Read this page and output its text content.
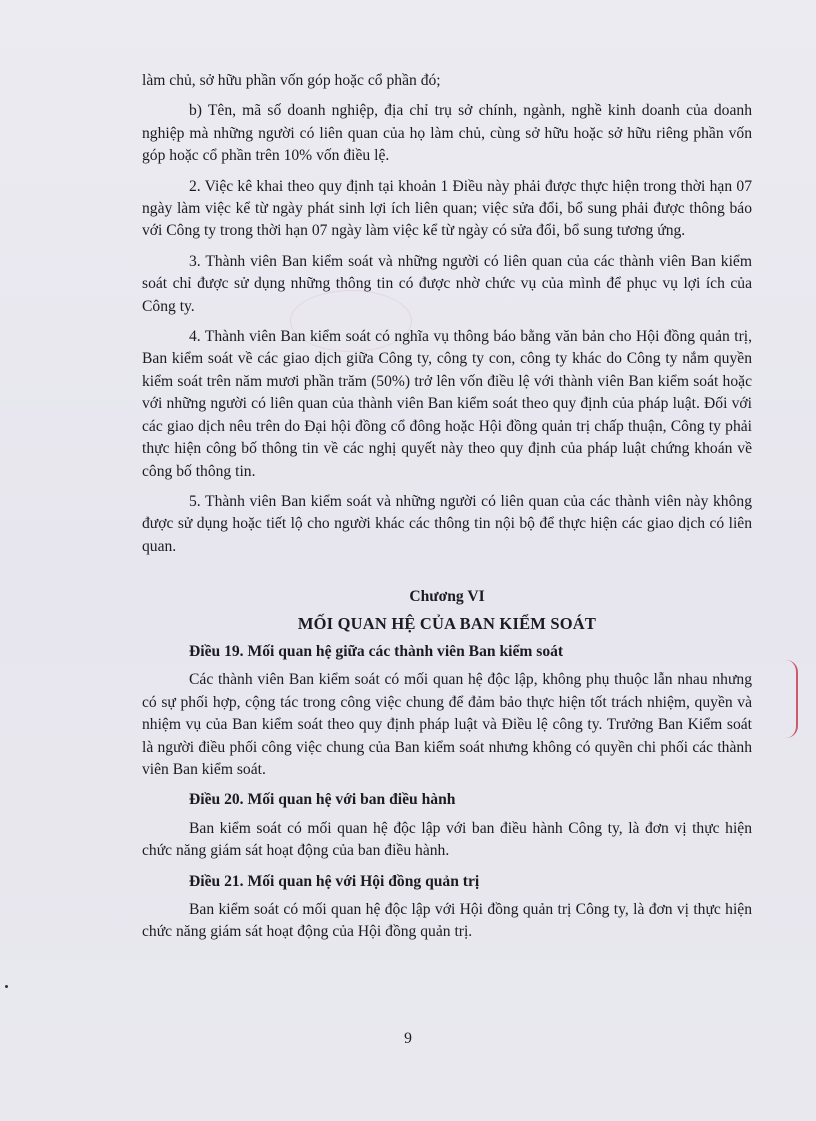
làm chủ, sở hữu phần vốn góp hoặc cổ phần đó;

b) Tên, mã số doanh nghiệp, địa chỉ trụ sở chính, ngành, nghề kinh doanh của doanh nghiệp mà những người có liên quan của họ làm chủ, cùng sở hữu hoặc sở hữu riêng phần vốn góp hoặc cổ phần trên 10% vốn điều lệ.

2. Việc kê khai theo quy định tại khoản 1 Điều này phải được thực hiện trong thời hạn 07 ngày làm việc kể từ ngày phát sinh lợi ích liên quan; việc sửa đổi, bổ sung phải được thông báo với Công ty trong thời hạn 07 ngày làm việc kể từ ngày có sửa đổi, bổ sung tương ứng.

3. Thành viên Ban kiểm soát và những người có liên quan của các thành viên Ban kiểm soát chỉ được sử dụng những thông tin có được nhờ chức vụ của mình để phục vụ lợi ích của Công ty.

4. Thành viên Ban kiểm soát có nghĩa vụ thông báo bằng văn bản cho Hội đồng quản trị, Ban kiểm soát về các giao dịch giữa Công ty, công ty con, công ty khác do Công ty nắm quyền kiểm soát trên năm mươi phần trăm (50%) trở lên vốn điều lệ với thành viên Ban kiểm soát hoặc với những người có liên quan của thành viên Ban kiểm soát theo quy định của pháp luật. Đối với các giao dịch nêu trên do Đại hội đồng cổ đông hoặc Hội đồng quản trị chấp thuận, Công ty phải thực hiện công bố thông tin về các nghị quyết này theo quy định của pháp luật chứng khoán về công bố thông tin.

5. Thành viên Ban kiểm soát và những người có liên quan của các thành viên này không được sử dụng hoặc tiết lộ cho người khác các thông tin nội bộ để thực hiện các giao dịch có liên quan.

Chương VI
MỐI QUAN HỆ CỦA BAN KIỂM SOÁT

Điều 19. Mối quan hệ giữa các thành viên Ban kiểm soát

Các thành viên Ban kiểm soát có mối quan hệ độc lập, không phụ thuộc lẫn nhau nhưng có sự phối hợp, cộng tác trong công việc chung để đảm bảo thực hiện tốt trách nhiệm, quyền và nhiệm vụ của Ban kiểm soát theo quy định pháp luật và Điều lệ công ty. Trưởng Ban Kiểm soát là người điều phối công việc chung của Ban kiểm soát nhưng không có quyền chi phối các thành viên Ban kiểm soát.

Điều 20. Mối quan hệ với ban điều hành

Ban kiểm soát có mối quan hệ độc lập với ban điều hành Công ty, là đơn vị thực hiện chức năng giám sát hoạt động của ban điều hành.

Điều 21. Mối quan hệ với Hội đồng quản trị

Ban kiểm soát có mối quan hệ độc lập với Hội đồng quản trị Công ty, là đơn vị thực hiện chức năng giám sát hoạt động của Hội đồng quản trị.

9
